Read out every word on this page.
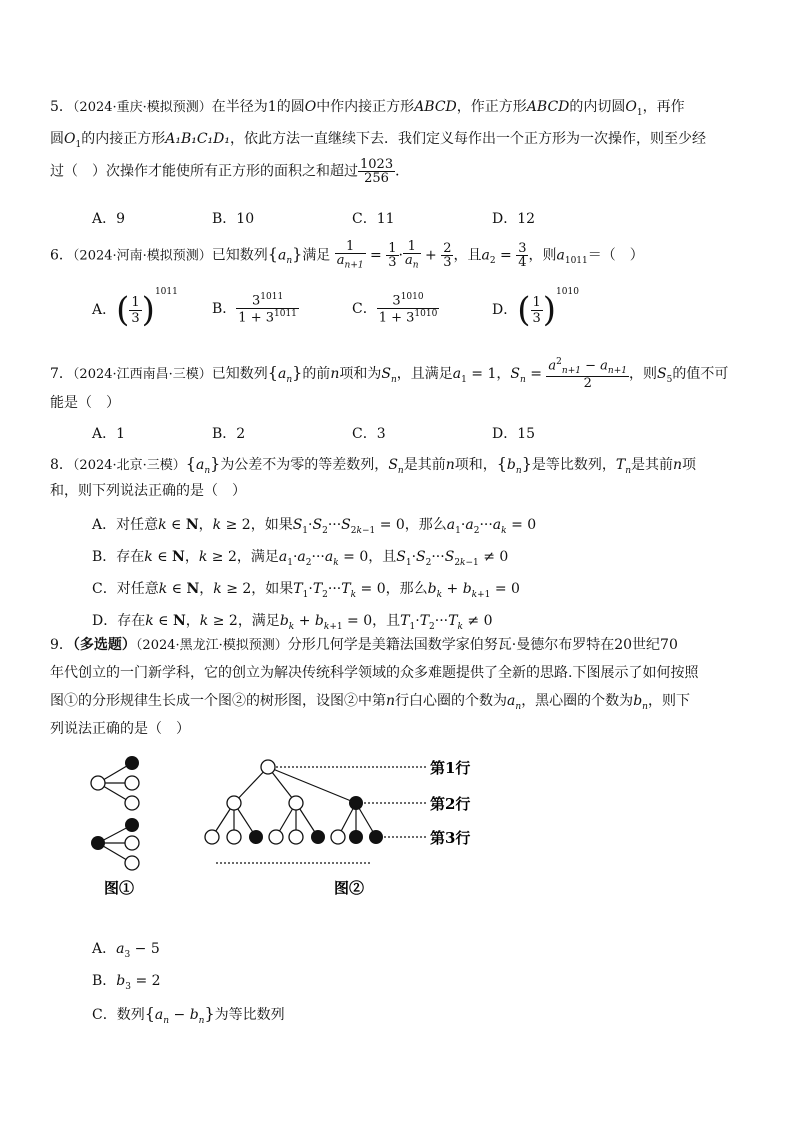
5．（2024·重庆·模拟预测）在半径为1的圆O中作内接正方形ABCD，作正方形ABCD的内切圆$O_1$，再作
圆$O_1$的内接正方形A₁B₁C₁D₁，依此方法一直继续下去．我们定义每作出一个正方形为一次操作，则至少经
过（　）次操作才能使所有正方形的面积之和超过 $\frac{1023}{256}$ ．
A．9	B．10	C．11	D．12
6．（2024·河南·模拟预测）已知数列$\{a_n\}$满足 $\frac{1}{a_{n+1}} = \frac{1}{3} \cdot \frac{1}{a_n} + \frac{2}{3}$ ，且$a_2 = \frac{3}{4}$ ，则$a_{1011}=$（　）
A．( $\frac{1}{3} )^{1011}$
B． $\frac{3^{1011}}{1 + 3^{1011}}$	C． $\frac{3^{1010}}{1 + 3^{1010}}$	D．( $\frac{1}{3} )^{1010}$
7．（2024·江西南昌·三模）已知数列$\{a_n\}$的前n项和为$S_n$，且满足$a_1 = 1$，$S_n = \frac{a^2_{n+1} - a_{n+1}}{2}$ ，则$S_5$的值不可
能是（　）
A．1	B．2	C．3	D．15
8．（2024·北京·三模）$\{a_n\}$为公差不为零的等差数列，$S_n$是其前n项和，$\{b_n\}$是等比数列，$T_n$是其前n项
和，则下列说法正确的是（　）
A．对任意k ∈ N，k ≥ 2，如果$S_1\cdot S_2\cdot\cdot\cdot S_{2k-1} = 0$，那么$a_1\cdot a_2\cdot\cdot\cdot a_k = 0$
B．存在k ∈ N，k ≥ 2，满足$a_1\cdot a_2\cdot\cdot\cdot a_k = 0$，且$S_1\cdot S_2\cdot\cdot\cdot S_{2k-1} \ne 0$
C．对任意k ∈ N，k ≥ 2，如果$T_1\cdot T_2\cdot\cdot\cdot T_k = 0$，那么$b_k + b_{k+1} = 0$
D．存在k ∈ N，k ≥ 2，满足$b_k + b_{k+1} = 0$，且$T_1\cdot T_2\cdot\cdot\cdot T_k \ne 0$
9．（多选题）（2024·黑龙江·模拟预测）分形几何学是美籍法国数学家伯努瓦·曼德尔布罗特在20世纪70
年代创立的一门新学科，它的创立为解决传统科学领域的众多难题提供了全新的思路.下图展示了如何按照
图①的分形规律生长成一个图②的树形图，设图②中第n行白心圈的个数为$a_n$，黑心圈的个数为$b_n$，则下
列说法正确的是（　）
图①
第1行
第2行
第3行
图②
A．$a_3 - 5$
B．$b_3 = 2$
C．数列$\{a_n - b_n\}$为等比数列
